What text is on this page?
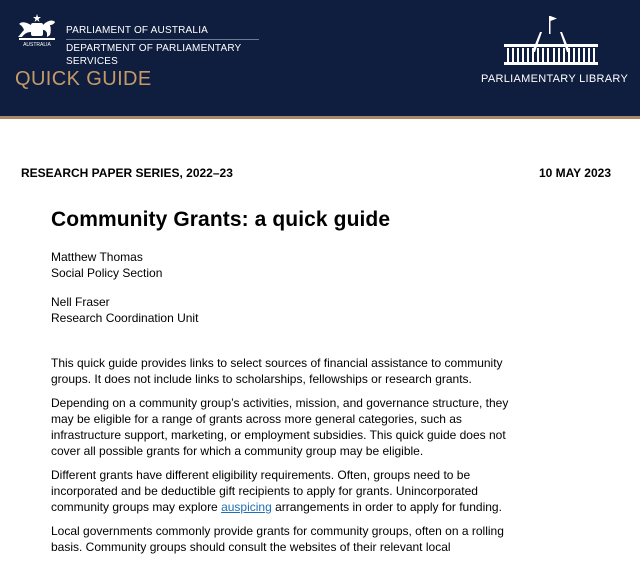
AUSTRALIA
PARLIAMENT OF AUSTRALIA
DEPARTMENT OF PARLIAMENTARY SERVICES
QUICK GUIDE	PARLIAMENTARY LIBRARY
RESEARCH PAPER SERIES, 2022–23	10 MAY 2023
Community Grants: a quick guide
Matthew Thomas
Social Policy Section
Nell Fraser
Research Coordination Unit

This quick guide provides links to select sources of financial assistance to community groups. It does not include links to scholarships, fellowships or research grants.

Depending on a community group’s activities, mission, and governance structure, they may be eligible for a range of grants across more general categories, such as infrastructure support, marketing, or employment subsidies. This quick guide does not cover all possible grants for which a community group may be eligible.

Different grants have different eligibility requirements. Often, groups need to be incorporated and be deductible gift recipients to apply for grants. Unincorporated community groups may explore auspicing arrangements in order to apply for funding.

Local governments commonly provide grants for community groups, often on a rolling basis. Community groups should consult the websites of their relevant local
